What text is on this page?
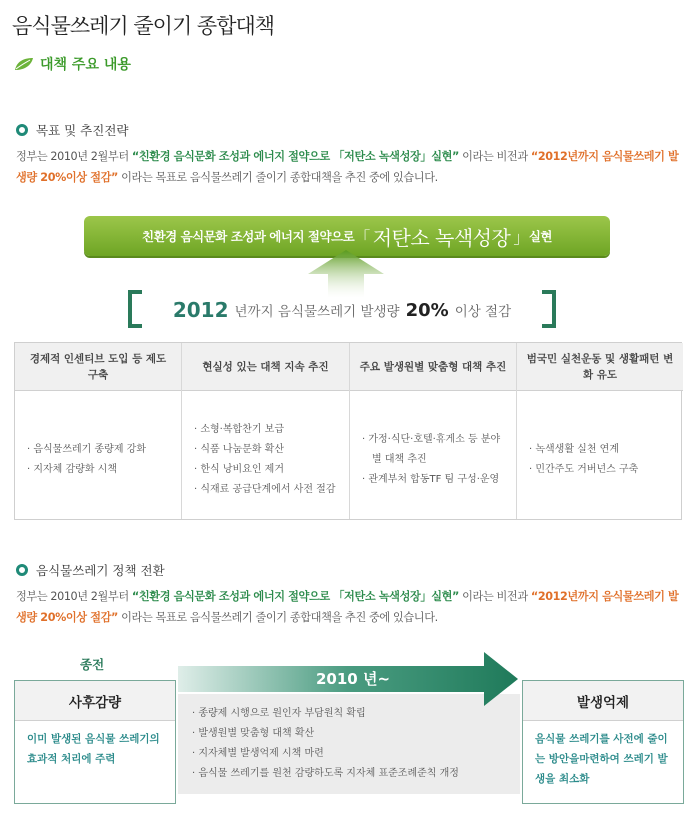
음식물쓰레기 줄이기 종합대책
대책 주요 내용
목표 및 추진전략

정부는 2010년 2월부터 “친환경 음식문화 조성과 에너지 절약으로 「저탄소 녹색성장」실현” 이라는 비전과 “2012년까지 음식물쓰레기 발생량 20%이상 절감” 이라는 목표로 음식물쓰레기 줄이기 종합대책을 추진 중에 있습니다.

친환경 음식문화 조성과 에너지 절약으로 「 저탄소 녹색성장 」 실현
2012 년까지 음식물쓰레기 발생량 20% 이상 절감
경제적 인센티브 도입 등 제도 구축
· 음식물쓰레기 종량제 강화
· 지자체 감량화 시책
현실성 있는 대책 지속 추진
· 소형·복합찬기 보급
· 식품 나눔문화 확산
· 한식 낭비요인 제거
· 식재료 공급단계에서 사전 절감
주요 발생원별 맞춤형 대책 추진
· 가정·식단·호텔·휴게소 등 분야별 대책 추진
· 관계부처 합동TF 팀 구성·운영
범국민 실천운동 및 생활패턴 변화 유도
· 녹색생활 실천 연계
· 민간주도 거버넌스 구축
음식물쓰레기 정책 전환

정부는 2010년 2월부터 “친환경 음식문화 조성과 에너지 절약으로 「저탄소 녹색성장」실현” 이라는 비전과 “2012년까지 음식물쓰레기 발생량 20%이상 절감” 이라는 목표로 음식물쓰레기 줄이기 종합대책을 추진 중에 있습니다.

종전
2010 년~
· 종량제 시행으로 원인자 부담원칙 확립
· 발생원별 맞춤형 대책 확산
· 지자체별 발생억제 시책 마련
· 음식물 쓰레기를 원천 감량하도록 지자체 표준조례준칙 개정
사후감량
이미 발생된 음식물 쓰레기의 효과적 처리에 주력
발생억제
음식물 쓰레기를 사전에 줄이는 방안을마련하여 쓰레기 발생을 최소화
